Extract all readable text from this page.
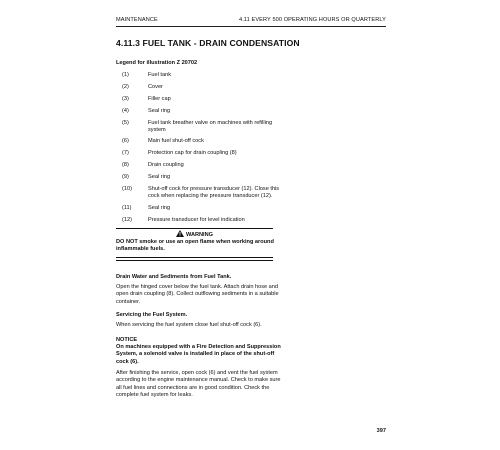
MAINTENANCE	4.11 EVERY 500 OPERATING HOURS OR QUARTERLY
4.11.3 FUEL TANK - DRAIN CONDENSATION
Legend for illustration Z 20702
(1)	Fuel tank
(2)	Cover
(3)	Filler cap
(4)	Seal ring
(5)	Fuel tank breather valve on machines with refilling system
(6)	Main fuel shut-off cock
(7)	Protection cap for drain coupling (8)
(8)	Drain coupling
(9)	Seal ring
(10)	Shut-off cock for pressure transducer (12). Close this cock when replacing the pressure transducer (12).
(11)	Seal ring
(12)	Pressure transducer for level indication
WARNING
DO NOT smoke or use an open flame when working around inflammable fuels.
Drain Water and Sediments from Fuel Tank.
Open the hinged cover below the fuel tank. Attach drain hose and open drain coupling (8). Collect outflowing sediments in a suitable container.
Servicing the Fuel System.
When servicing the fuel system close fuel shut-off cock (6).
NOTICE
On machines equipped with a Fire Detection and Suppression System, a solenoid valve is installed in place of the shut-off cock (6).
After finishing the service, open cock (6) and vent the fuel system according to the engine maintenance manual. Check to make sure all fuel lines and connections are in good condition. Check the complete fuel system for leaks.
397
